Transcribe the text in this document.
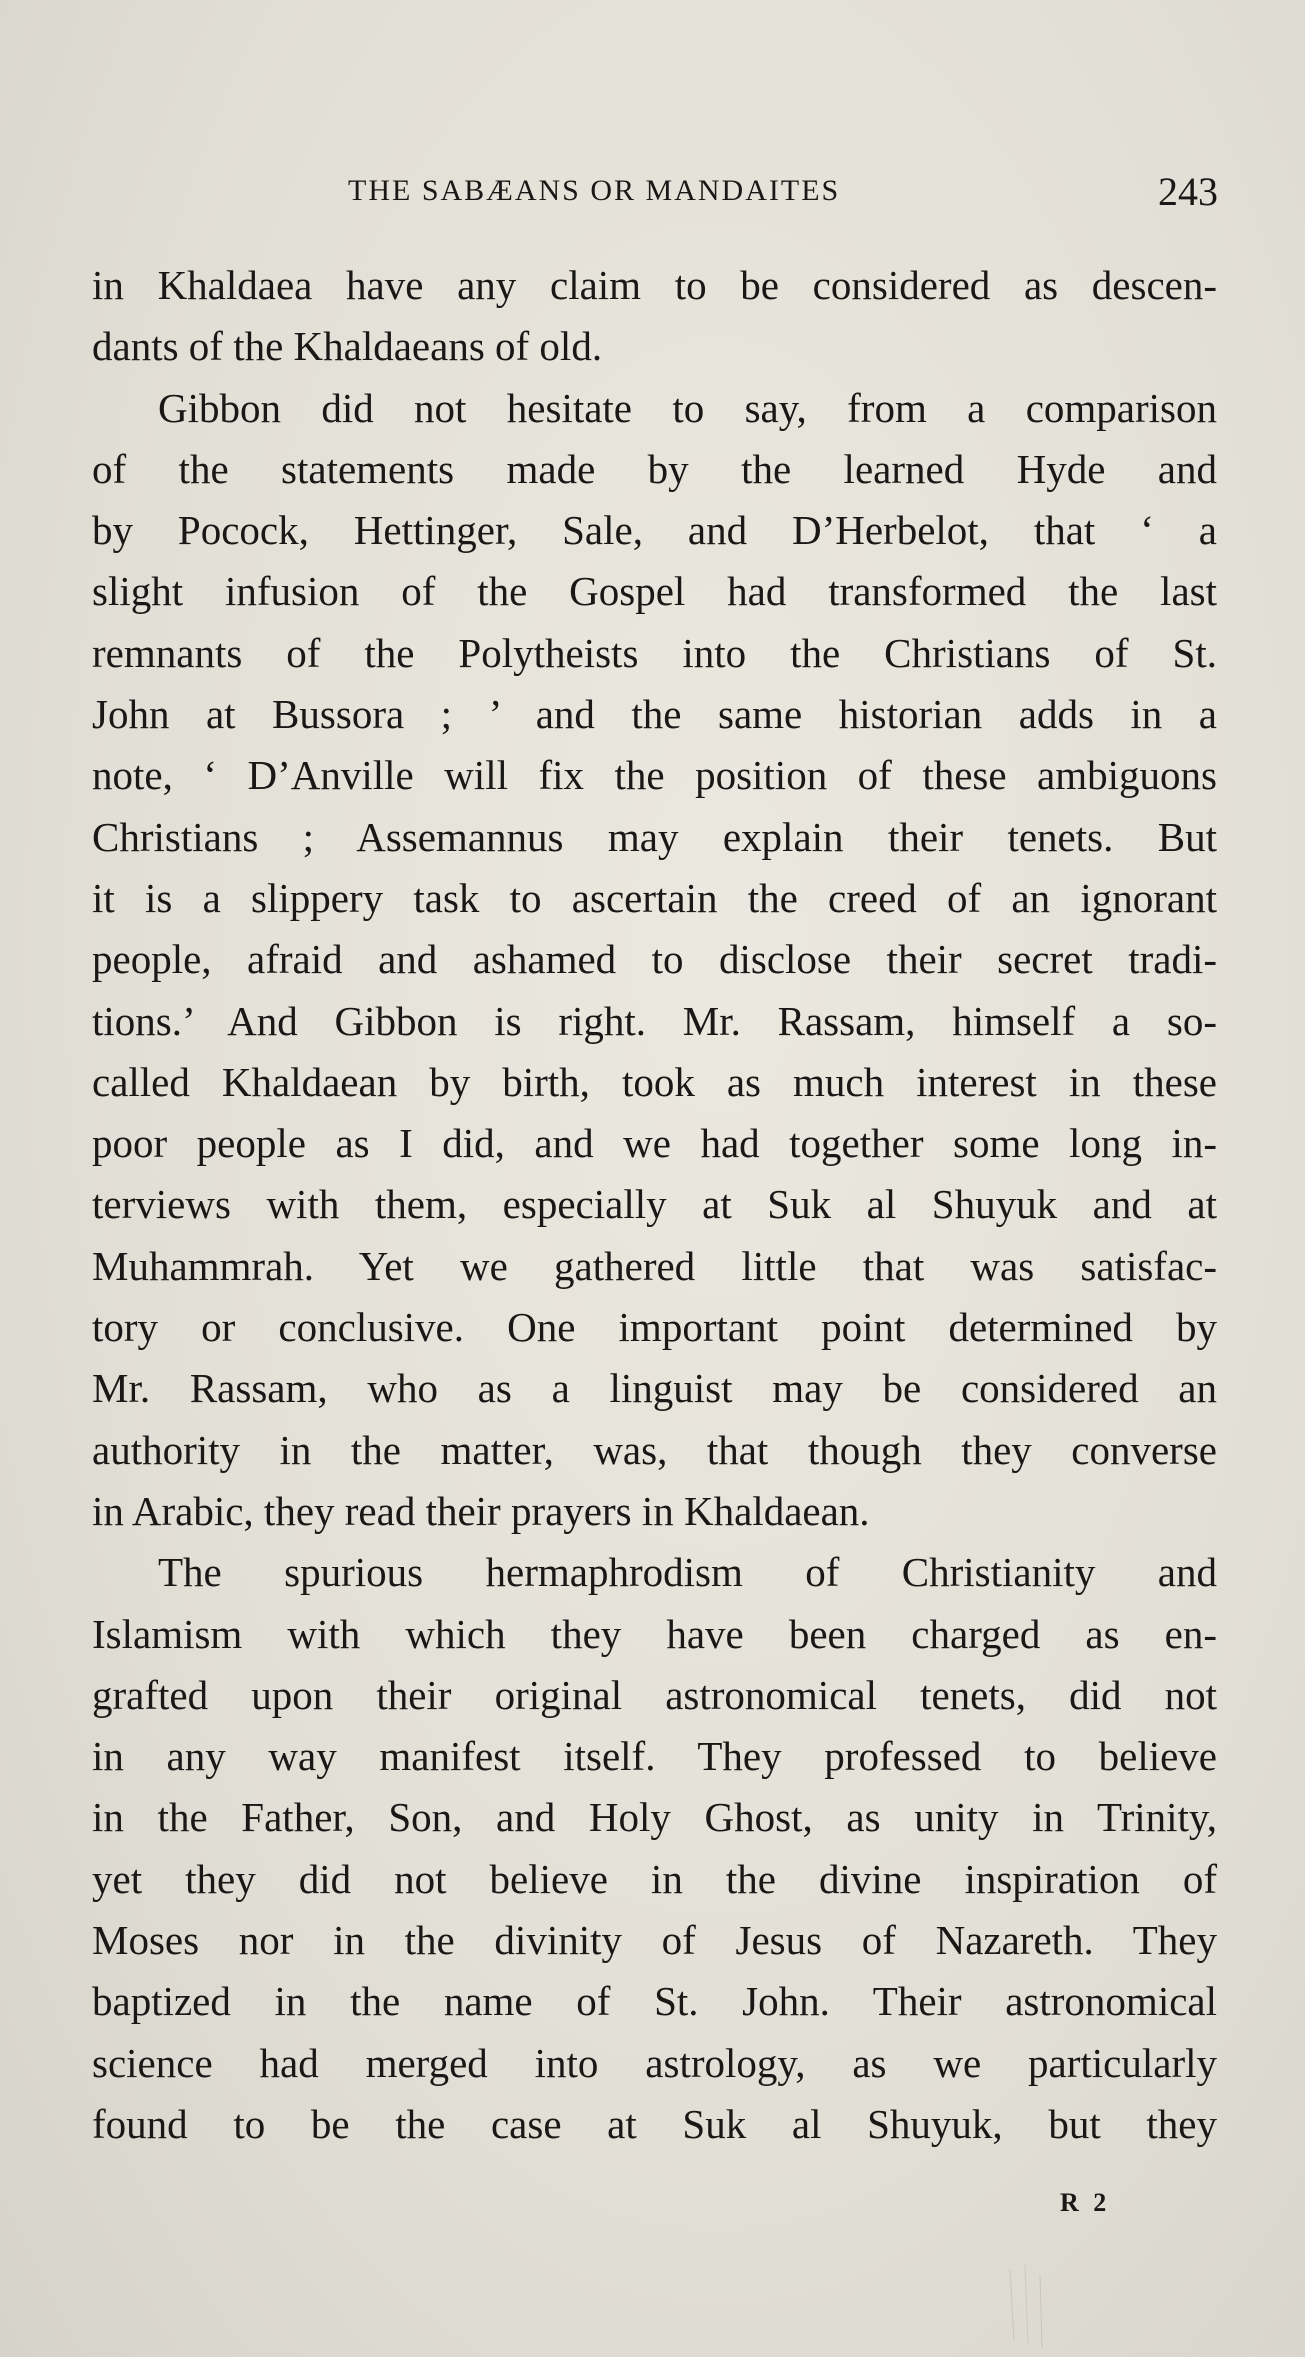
THE SABÆANS OR MANDAITES	243

in Khaldaea have any claim to be considered as descen-
dants of the Khaldaeans of old.

Gibbon did not hesitate to say, from a comparison
of the statements made by the learned Hyde and
by Pocock, Hettinger, Sale, and D’Herbelot, that ‘ a
slight infusion of the Gospel had transformed the last
remnants of the Polytheists into the Christians of St.
John at Bussora ; ’ and the same historian adds in a
note, ‘ D’Anville will fix the position of these ambiguons
Christians ; Assemannus may explain their tenets. But
it is a slippery task to ascertain the creed of an ignorant
people, afraid and ashamed to disclose their secret tradi-
tions.’ And Gibbon is right. Mr. Rassam, himself a so-
called Khaldaean by birth, took as much interest in these
poor people as I did, and we had together some long in-
terviews with them, especially at Suk al Shuyuk and at
Muhammrah. Yet we gathered little that was satisfac-
tory or conclusive. One important point determined by
Mr. Rassam, who as a linguist may be considered an
authority in the matter, was, that though they converse
in Arabic, they read their prayers in Khaldaean.

The spurious hermaphrodism of Christianity and
Islamism with which they have been charged as en-
grafted upon their original astronomical tenets, did not
in any way manifest itself. They professed to believe
in the Father, Son, and Holy Ghost, as unity in Trinity,
yet they did not believe in the divine inspiration of
Moses nor in the divinity of Jesus of Nazareth. They
baptized in the name of St. John. Their astronomical
science had merged into astrology, as we particularly
found to be the case at Suk al Shuyuk, but they

R 2
